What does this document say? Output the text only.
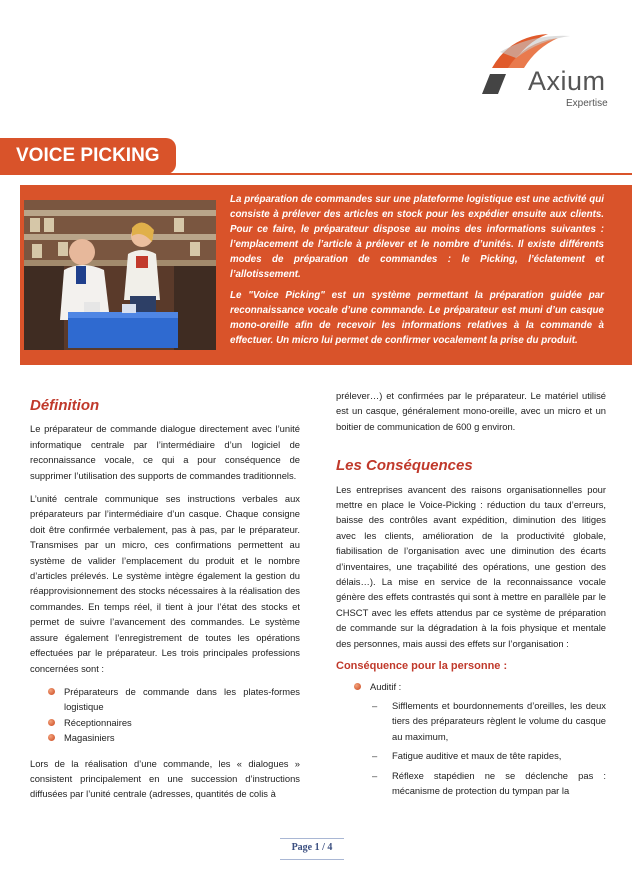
Axium
Expertise
VOICE PICKING

La préparation de commandes sur une plateforme logistique est une activité qui consiste à prélever des articles en stock pour les expédier ensuite aux clients. Pour ce faire, le préparateur dispose au moins des informations suivantes : l’emplacement de l’article à prélever et le nombre d’unités. Il existe différents modes de préparation de commandes : le Picking, l’éclatement et l’allotissement.

Le "Voice Picking" est un système permettant la préparation guidée par reconnaissance vocale d’une commande. Le préparateur est muni d’un casque mono-oreille afin de recevoir les informations relatives à la commande à effectuer. Un micro lui permet de confirmer vocalement la prise du produit.

Définition

Le préparateur de commande dialogue directement avec l’unité informatique centrale par l’intermédiaire d’un logiciel de reconnaissance vocale, ce qui a pour conséquence de supprimer l’utilisation des supports de commandes traditionnels.

L’unité centrale communique ses instructions verbales aux préparateurs par l’intermédiaire d’un casque. Chaque consigne doit être confirmée verbalement, pas à pas, par le préparateur. Transmises par un micro, ces confirmations permettent au système de valider l’emplacement du produit et le nombre d’articles prélevés. Le système intègre également la gestion du réapprovisionnement des stocks nécessaires à la réalisation des commandes. En temps réel, il tient à jour l’état des stocks et permet de suivre l’avancement des commandes. Le système assure également l’enregistrement de toutes les opérations effectuées par le préparateur. Les trois principales professions concernées sont :

Préparateurs de commande dans les plates-formes logistique
Réceptionnaires
Magasiniers

Lors de la réalisation d’une commande, les « dialogues » consistent principalement en une succession d’instructions diffusées par l’unité centrale (adresses, quantités de colis à

prélever…) et confirmées par le préparateur. Le matériel utilisé est un casque, généralement mono-oreille, avec un micro et un boitier de communication de 600 g environ.

Les Conséquences

Les entreprises avancent des raisons organisationnelles pour mettre en place le Voice-Picking : réduction du taux d’erreurs, baisse des contrôles avant expédition, diminution des litiges avec les clients, amélioration de la productivité globale, fiabilisation de l’organisation avec une diminution des écarts d’inventaires, une traçabilité des opérations, une gestion des délais…). La mise en service de la reconnaissance vocale génère des effets contrastés qui sont à mettre en parallèle par le CHSCT avec les effets attendus par ce système de préparation de commande sur la dégradation à la fois physique et mentale des personnes, mais aussi des effets sur l’organisation :

Conséquence pour la personne :

Auditif :
– Sifflements et bourdonnements d’oreilles, les deux tiers des préparateurs règlent le volume du casque au maximum,
– Fatigue auditive et maux de tête rapides,
– Réflexe stapédien ne se déclenche pas : mécanisme de protection du tympan par la
Page 1 / 4
